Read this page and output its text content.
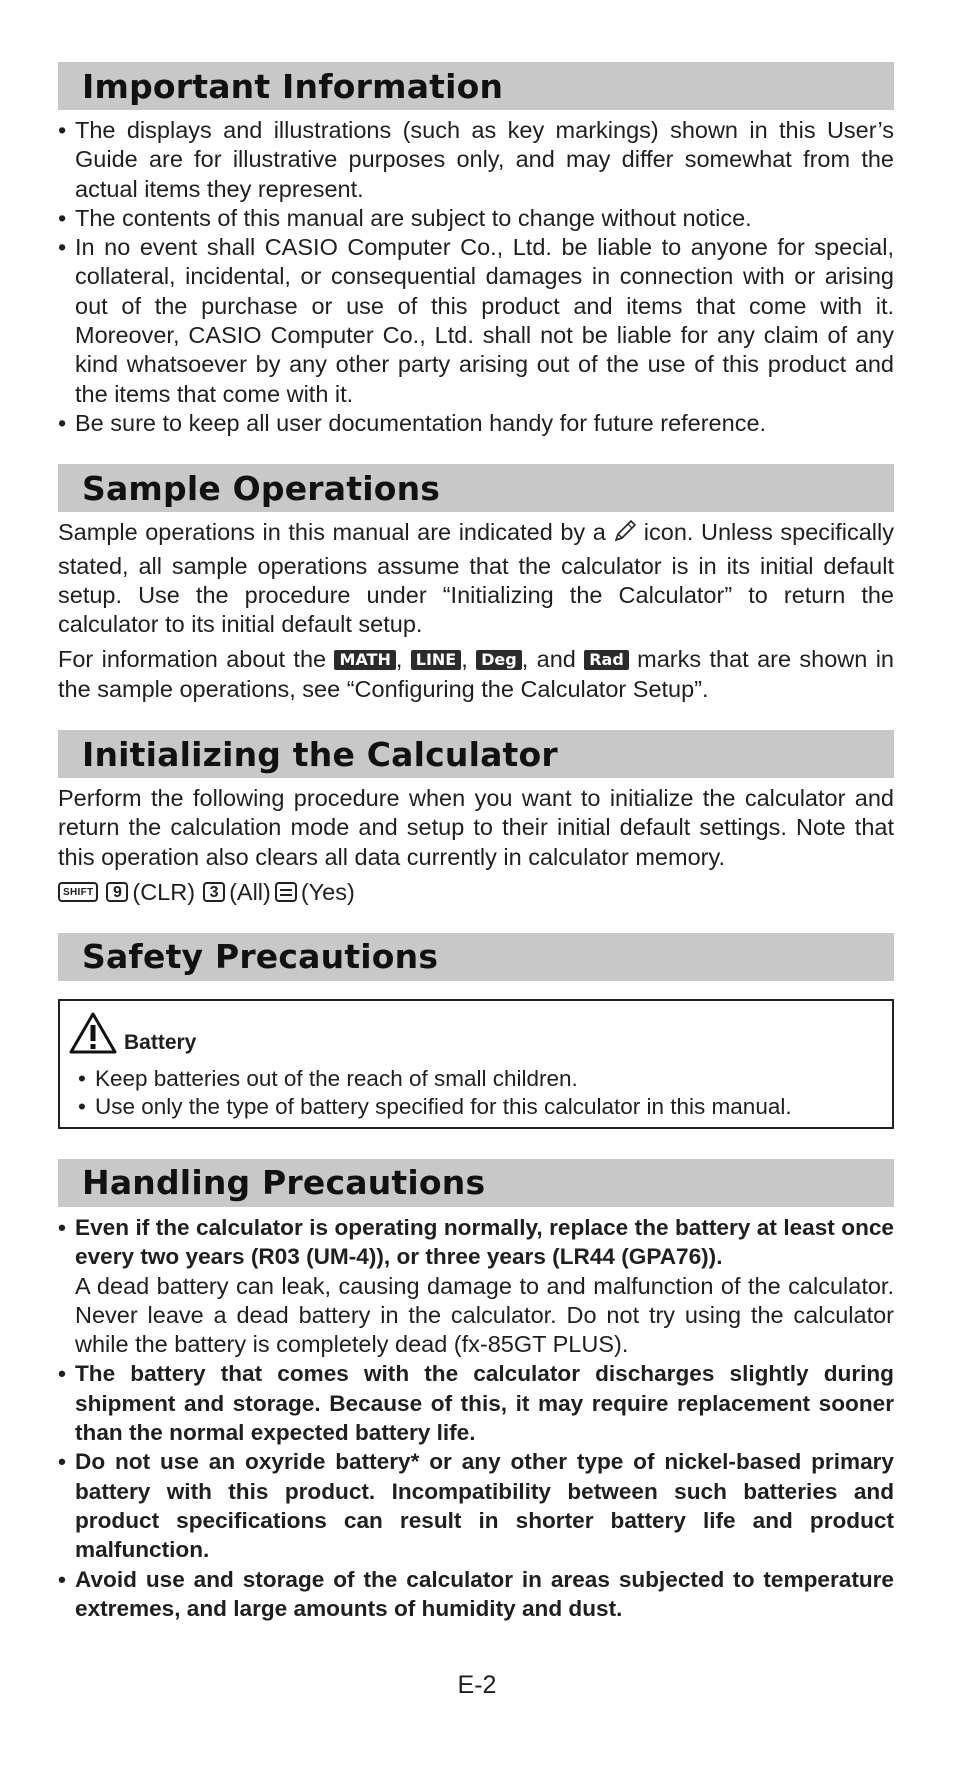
Important Information
• The displays and illustrations (such as key markings) shown in this User’s Guide are for illustrative purposes only, and may differ somewhat from the actual items they represent.
• The contents of this manual are subject to change without notice.
• In no event shall CASIO Computer Co., Ltd. be liable to anyone for special, collateral, incidental, or consequential damages in connection with or arising out of the purchase or use of this product and items that come with it. Moreover, CASIO Computer Co., Ltd. shall not be liable for any claim of any kind whatsoever by any other party arising out of the use of this product and the items that come with it.
• Be sure to keep all user documentation handy for future reference.
Sample Operations

Sample operations in this manual are indicated by a icon. Unless specifically stated, all sample operations assume that the calculator is in its initial default setup. Use the procedure under “Initializing the Calculator” to return the calculator to its initial default setup.

For information about the MATH , LINE , Deg , and Rad marks that are shown in the sample operations, see “Configuring the Calculator Setup”.

Initializing the Calculator

Perform the following procedure when you want to initialize the calculator and return the calculation mode and setup to their initial default settings. Note that this operation also clears all data currently in calculator memory.

SHIFT	9 (CLR) 3 (All) (Yes)
Safety Precautions
Battery
• Keep batteries out of the reach of small children.
• Use only the type of battery specified for this calculator in this manual.
Handling Precautions
• Even if the calculator is operating normally, replace the battery at least once every two years (R03 (UM-4)), or three years (LR44 (GPA76)).
A dead battery can leak, causing damage to and malfunction of the calculator. Never leave a dead battery in the calculator. Do not try using the calculator while the battery is completely dead (fx-85GT PLUS).
• The battery that comes with the calculator discharges slightly during shipment and storage. Because of this, it may require replacement sooner than the normal expected battery life.
• Do not use an oxyride battery* or any other type of nickel-based primary battery with this product. Incompatibility between such batteries and product specifications can result in shorter battery life and product malfunction.
• Avoid use and storage of the calculator in areas subjected to temperature extremes, and large amounts of humidity and dust.
E-2
